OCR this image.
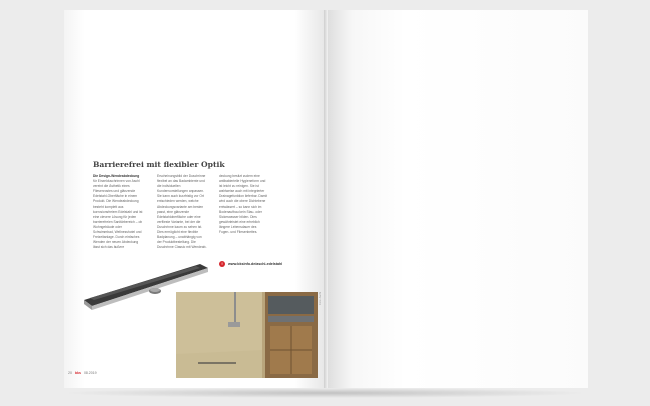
Barrierefrei mit flexibler Optik
Die Design-Wendeabdeckung für Einzelduschrinnen von Aschl vereint die Ästhetik eines Fliesenrostes und glänzende Edelstahl-Oberfläche in einem Produkt. Die Wendeabdeckung besteht komplett aus korrosionsfreiem Edelstahl und ist eine clevere Lösung für jeden barrierefreien Sanitärbereich – ob Wohngebäude oder Schwimmbad, Wellnesshotel und Freizeitanlage. Durch einfaches Wenden der neuen Abdeckung lässt sich das äußere
Erscheinungsbild der Duschrinne flexibel an das Badambiente und die individuellen Kundenvorstellungen anpassen. Sie kann auch kurzfristig vor Ort entschieden werden, welche Abdeckungsvariante am besten passt, eine glänzende Edelstahloberfläche oder eine verflieste Variante, bei der die Duschrinne kaum zu sehen ist. Dies ermöglicht eine flexible Badplanung – unabhängig von der Produktbestellung. Die Duschrinne Classic mit Wendeab-
deckung besitzt zudem eine antibakterielle Hygieneform und ist leicht zu reinigen. Sie ist wahlweise auch mit integrierter Drainagefunktion lieferbar. Damit wird auch die obere Dichtebene entwässert – so kann sich im Bodenaufbau kein Stau- oder Sickerwasser bilden. Dies gewährleistet eine erheblich längere Lebensdauer des Fugen- und Fliesenbettes.
!	www.bksinfo.de/aschl-edelstahl
Foto: Aschl
20 bks 08.2019
